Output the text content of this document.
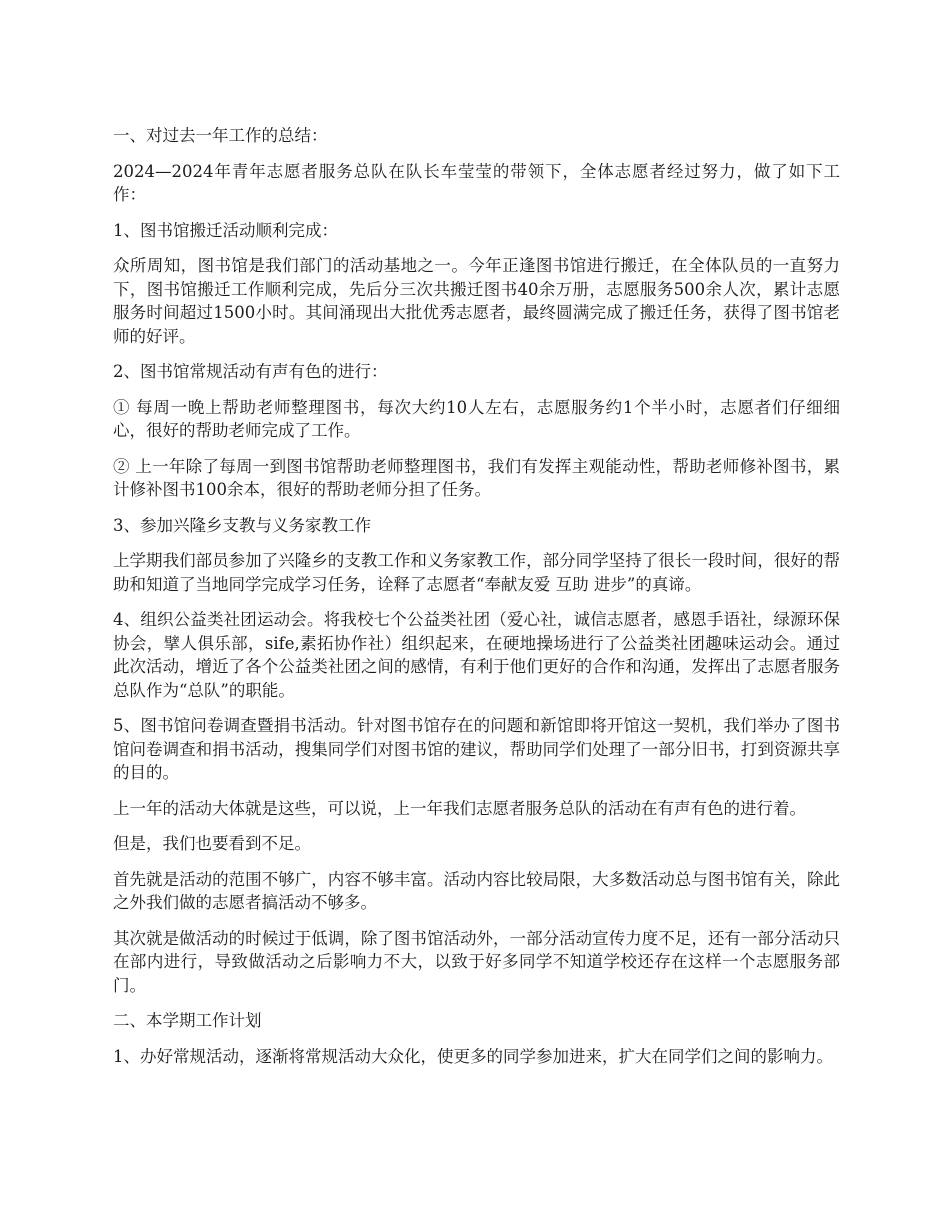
一、对过去一年工作的总结：

2024—2024年青年志愿者服务总队在队长车莹莹的带领下，全体志愿者经过努力，做了如下工作：

1、图书馆搬迁活动顺利完成：

众所周知，图书馆是我们部门的活动基地之一。今年正逢图书馆进行搬迁，在全体队员的一直努力下，图书馆搬迁工作顺利完成，先后分三次共搬迁图书40余万册，志愿服务500余人次，累计志愿服务时间超过1500小时。其间涌现出大批优秀志愿者，最终圆满完成了搬迁任务，获得了图书馆老师的好评。

2、图书馆常规活动有声有色的进行：

① 每周一晚上帮助老师整理图书，每次大约10人左右，志愿服务约1个半小时，志愿者们仔细细心，很好的帮助老师完成了工作。

② 上一年除了每周一到图书馆帮助老师整理图书，我们有发挥主观能动性，帮助老师修补图书，累计修补图书100余本，很好的帮助老师分担了任务。

3、参加兴隆乡支教与义务家教工作

上学期我们部员参加了兴隆乡的支教工作和义务家教工作，部分同学坚持了很长一段时间，很好的帮助和知道了当地同学完成学习任务，诠释了志愿者“奉献友爱 互助 进步”的真谛。

4、组织公益类社团运动会。将我校七个公益类社团（爱心社，诚信志愿者，感恩手语社，绿源环保协会，擘人俱乐部，sife,素拓协作社）组织起来，在硬地操场进行了公益类社团趣味运动会。通过此次活动，增近了各个公益类社团之间的感情，有利于他们更好的合作和沟通，发挥出了志愿者服务总队作为“总队”的职能。

5、图书馆问卷调查暨捐书活动。针对图书馆存在的问题和新馆即将开馆这一契机，我们举办了图书馆问卷调查和捐书活动，搜集同学们对图书馆的建议，帮助同学们处理了一部分旧书，打到资源共享的目的。

上一年的活动大体就是这些，可以说，上一年我们志愿者服务总队的活动在有声有色的进行着。

但是，我们也要看到不足。

首先就是活动的范围不够广，内容不够丰富。活动内容比较局限，大多数活动总与图书馆有关，除此之外我们做的志愿者搞活动不够多。

其次就是做活动的时候过于低调，除了图书馆活动外，一部分活动宣传力度不足，还有一部分活动只在部内进行，导致做活动之后影响力不大，以致于好多同学不知道学校还存在这样一个志愿服务部门。

二、本学期工作计划

1、办好常规活动，逐渐将常规活动大众化，使更多的同学参加进来，扩大在同学们之间的影响力。
